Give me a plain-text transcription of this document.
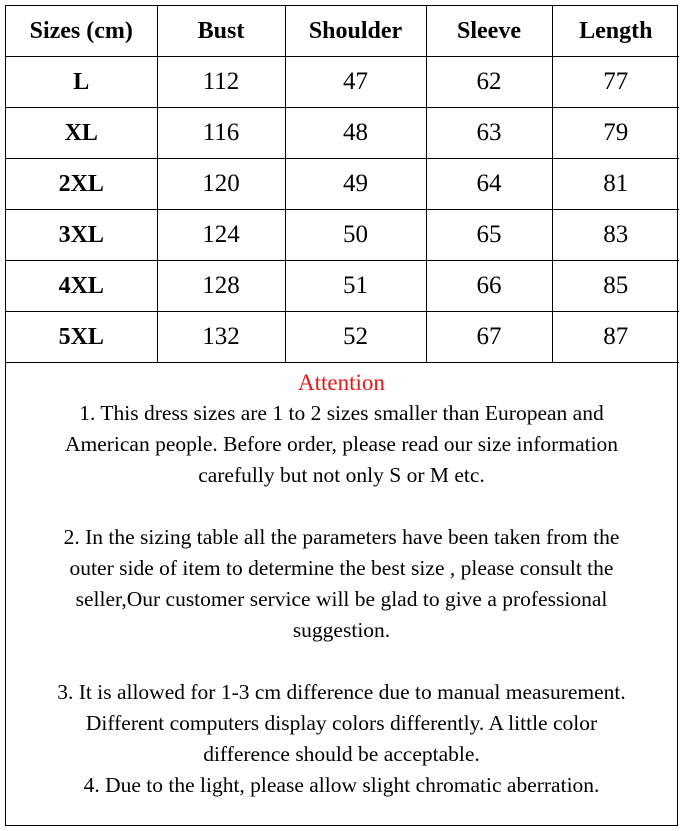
Sizes (cm)	Bust	Shoulder	Sleeve	Length
L	112	47	62	77
XL	116	48	63	79
2XL	120	49	64	81
3XL	124	50	65	83
4XL	128	51	66	85
5XL	132	52	67	87
Attention

1. This dress sizes are 1 to 2 sizes smaller than European and
American people. Before order, please read our size information
carefully but not only S or M etc.

2. In the sizing table all the parameters have been taken from the
outer side of item to determine the best size , please consult the
seller,Our customer service will be glad to give a professional
suggestion.

3. It is allowed for 1-3 cm difference due to manual measurement.
Different computers display colors differently. A little color
difference should be acceptable.

4. Due to the light, please allow slight chromatic aberration.
